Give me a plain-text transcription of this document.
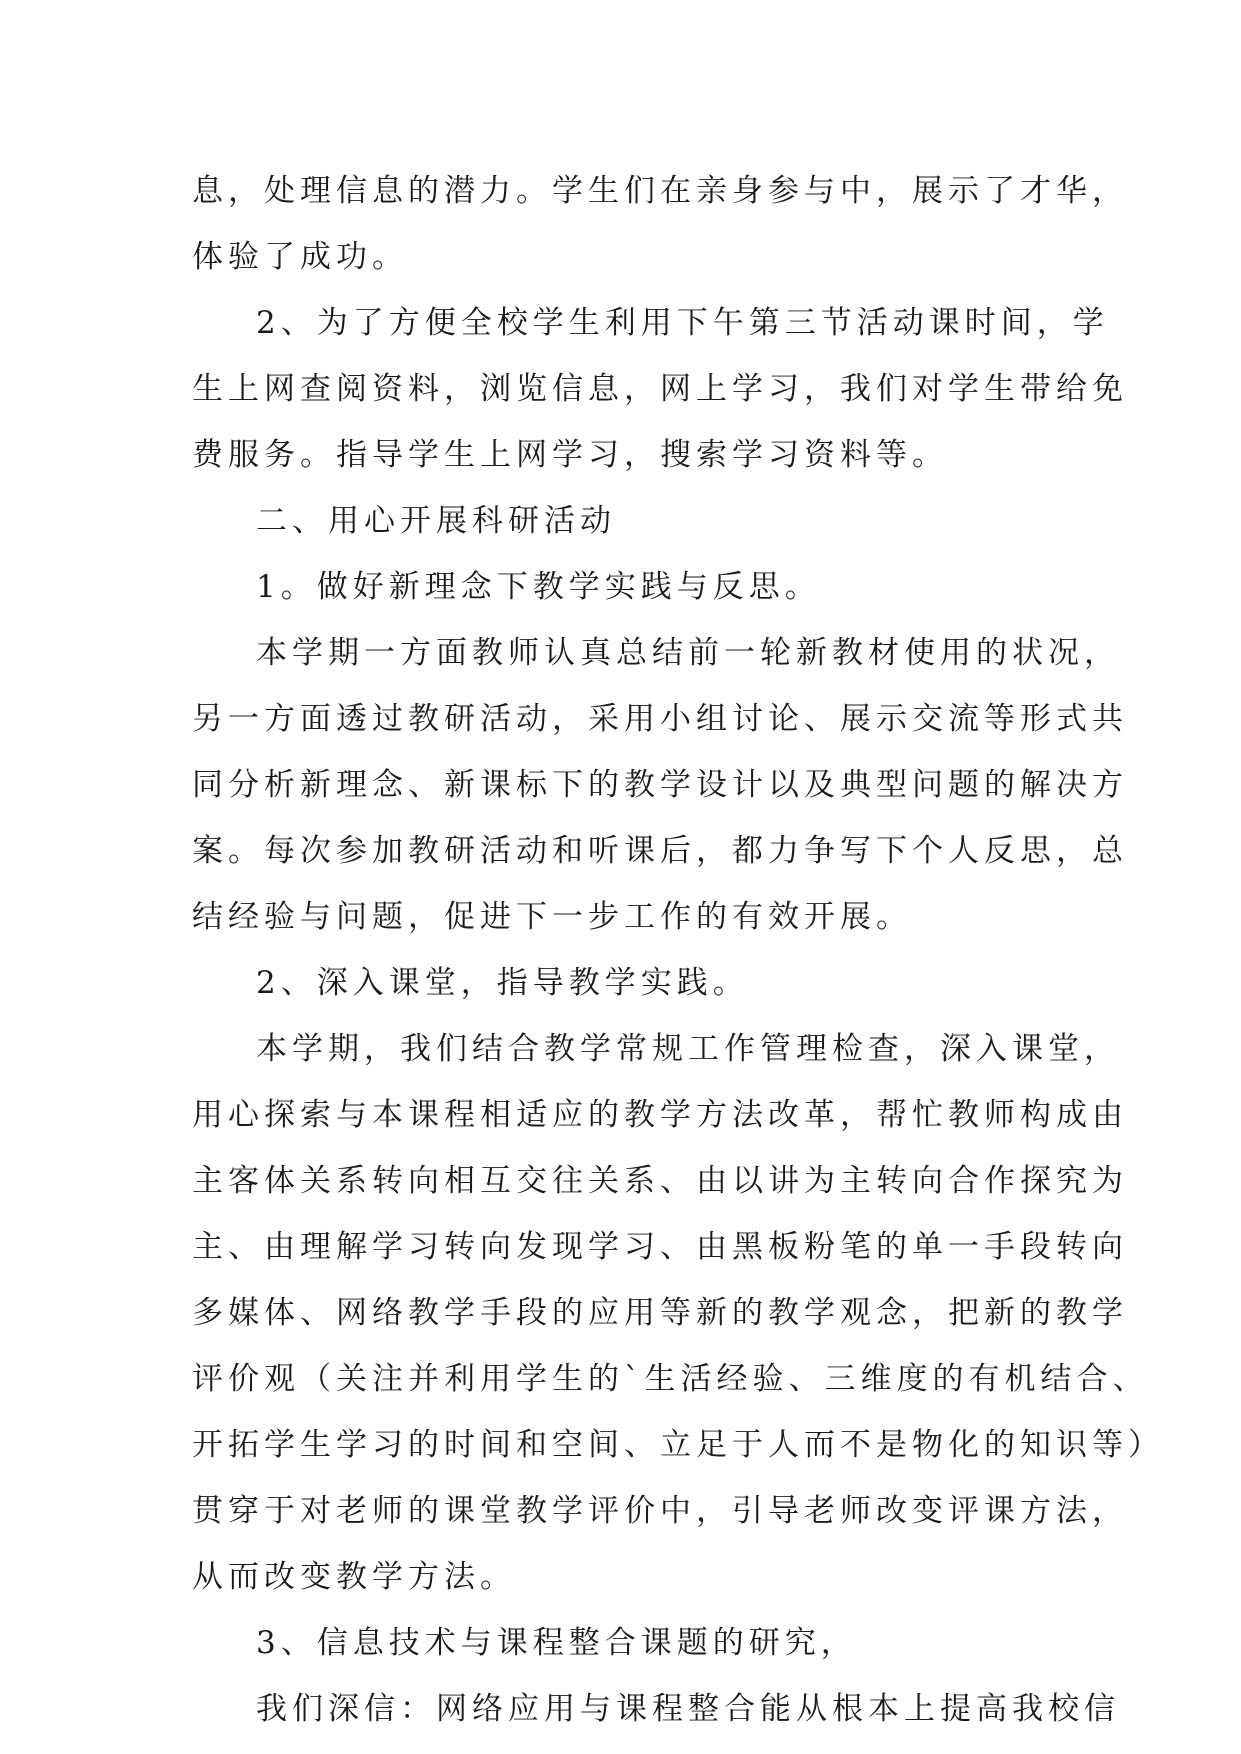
息，处理信息的潜力。学生们在亲身参与中，展示了才华，
体验了成功。
2、为了方便全校学生利用下午第三节活动课时间，学
生上网查阅资料，浏览信息，网上学习，我们对学生带给免
费服务。指导学生上网学习，搜索学习资料等。
二、用心开展科研活动
1。做好新理念下教学实践与反思。
本学期一方面教师认真总结前一轮新教材使用的状况，
另一方面透过教研活动，采用小组讨论、展示交流等形式共
同分析新理念、新课标下的教学设计以及典型问题的解决方
案。每次参加教研活动和听课后，都力争写下个人反思，总
结经验与问题，促进下一步工作的有效开展。
2、深入课堂，指导教学实践。
本学期，我们结合教学常规工作管理检查，深入课堂，
用心探索与本课程相适应的教学方法改革，帮忙教师构成由
主客体关系转向相互交往关系、由以讲为主转向合作探究为
主、由理解学习转向发现学习、由黑板粉笔的单一手段转向
多媒体、网络教学手段的应用等新的教学观念，把新的教学
评价观（关注并利用学生的`生活经验、三维度的有机结合、
开拓学生学习的时间和空间、立足于人而不是物化的知识等）
贯穿于对老师的课堂教学评价中，引导老师改变评课方法，
从而改变教学方法。
3、信息技术与课程整合课题的研究，
我们深信：网络应用与课程整合能从根本上提高我校信
